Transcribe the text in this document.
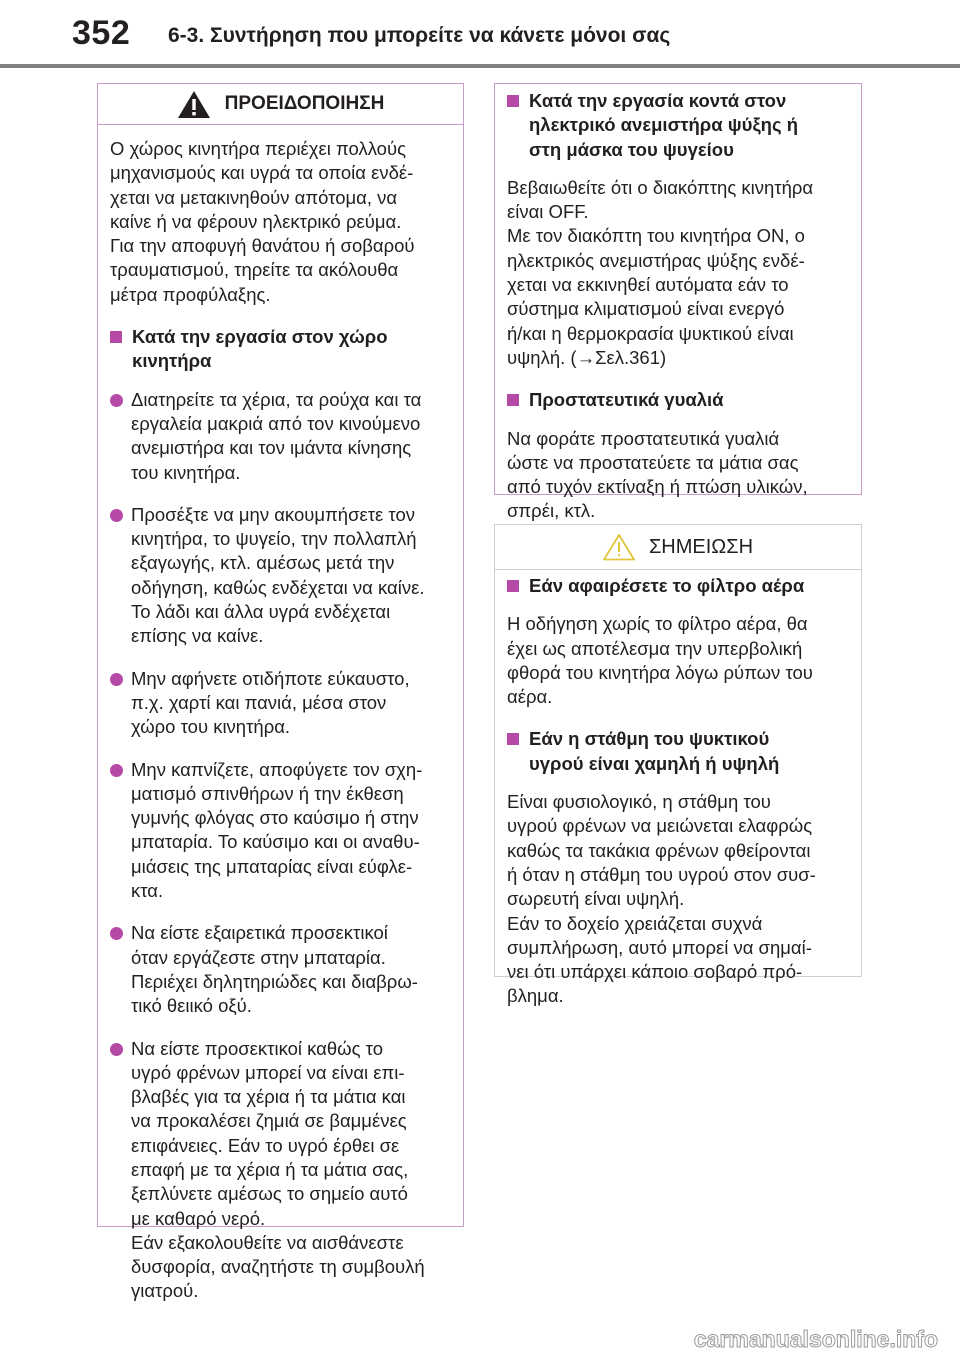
352 6-3. Συντήρηση που μπορείτε να κάνετε μόνοι σας
ΠΡΟΕΙΔΟΠΟΙΗΣΗ
Ο χώρος κινητήρα περιέχει πολλούς
μηχανισμούς και υγρά τα οποία ενδέ-
χεται να μετακινηθούν απότομα, να
καίνε ή να φέρουν ηλεκτρικό ρεύμα.
Για την αποφυγή θανάτου ή σοβαρού
τραυματισμού, τηρείτε τα ακόλουθα
μέτρα προφύλαξης.
Κατά την εργασία στον χώρο
κινητήρα
Διατηρείτε τα χέρια, τα ρούχα και τα
εργαλεία μακριά από τον κινούμενο
ανεμιστήρα και τον ιμάντα κίνησης
του κινητήρα.
Προσέξτε να μην ακουμπήσετε τον
κινητήρα, το ψυγείο, την πολλαπλή
εξαγωγής, κτλ. αμέσως μετά την
οδήγηση, καθώς ενδέχεται να καίνε.
Το λάδι και άλλα υγρά ενδέχεται
επίσης να καίνε.
Μην αφήνετε οτιδήποτε εύκαυστο,
π.χ. χαρτί και πανιά, μέσα στον
χώρο του κινητήρα.
Μην καπνίζετε, αποφύγετε τον σχη-
ματισμό σπινθήρων ή την έκθεση
γυμνής φλόγας στο καύσιμο ή στην
μπαταρία. Το καύσιμο και οι αναθυ-
μιάσεις της μπαταρίας είναι εύφλε-
κτα.
Να είστε εξαιρετικά προσεκτικοί
όταν εργάζεστε στην μπαταρία.
Περιέχει δηλητηριώδες και διαβρω-
τικό θειικό οξύ.
Να είστε προσεκτικοί καθώς το
υγρό φρένων μπορεί να είναι επι-
βλαβές για τα χέρια ή τα μάτια και
να προκαλέσει ζημιά σε βαμμένες
επιφάνειες. Εάν το υγρό έρθει σε
επαφή με τα χέρια ή τα μάτια σας,
ξεπλύνετε αμέσως το σημείο αυτό
με καθαρό νερό.
Εάν εξακολουθείτε να αισθάνεστε
δυσφορία, αναζητήστε τη συμβουλή
γιατρού.
Κατά την εργασία κοντά στον
ηλεκτρικό ανεμιστήρα ψύξης ή
στη μάσκα του ψυγείου
Βεβαιωθείτε ότι ο διακόπτης κινητήρα
είναι OFF.
Με τον διακόπτη του κινητήρα ON, ο
ηλεκτρικός ανεμιστήρας ψύξης ενδέ-
χεται να εκκινηθεί αυτόματα εάν το
σύστημα κλιματισμού είναι ενεργό
ή/και η θερμοκρασία ψυκτικού είναι
υψηλή. (→Σελ.361)
Προστατευτικά γυαλιά
Να φοράτε προστατευτικά γυαλιά
ώστε να προστατεύετε τα μάτια σας
από τυχόν εκτίναξη ή πτώση υλικών,
σπρέι, κτλ.
ΣΗΜΕΙΩΣΗ
Εάν αφαιρέσετε το φίλτρο αέρα
Η οδήγηση χωρίς το φίλτρο αέρα, θα
έχει ως αποτέλεσμα την υπερβολική
φθορά του κινητήρα λόγω ρύπων του
αέρα.
Εάν η στάθμη του ψυκτικού
υγρού είναι χαμηλή ή υψηλή
Είναι φυσιολογικό, η στάθμη του
υγρού φρένων να μειώνεται ελαφρώς
καθώς τα τακάκια φρένων φθείρονται
ή όταν η στάθμη του υγρού στον συσ-
σωρευτή είναι υψηλή.
Εάν το δοχείο χρειάζεται συχνά
συμπλήρωση, αυτό μπορεί να σημαί-
νει ότι υπάρχει κάποιο σοβαρό πρό-
βλημα.
carmanualsonline.info
